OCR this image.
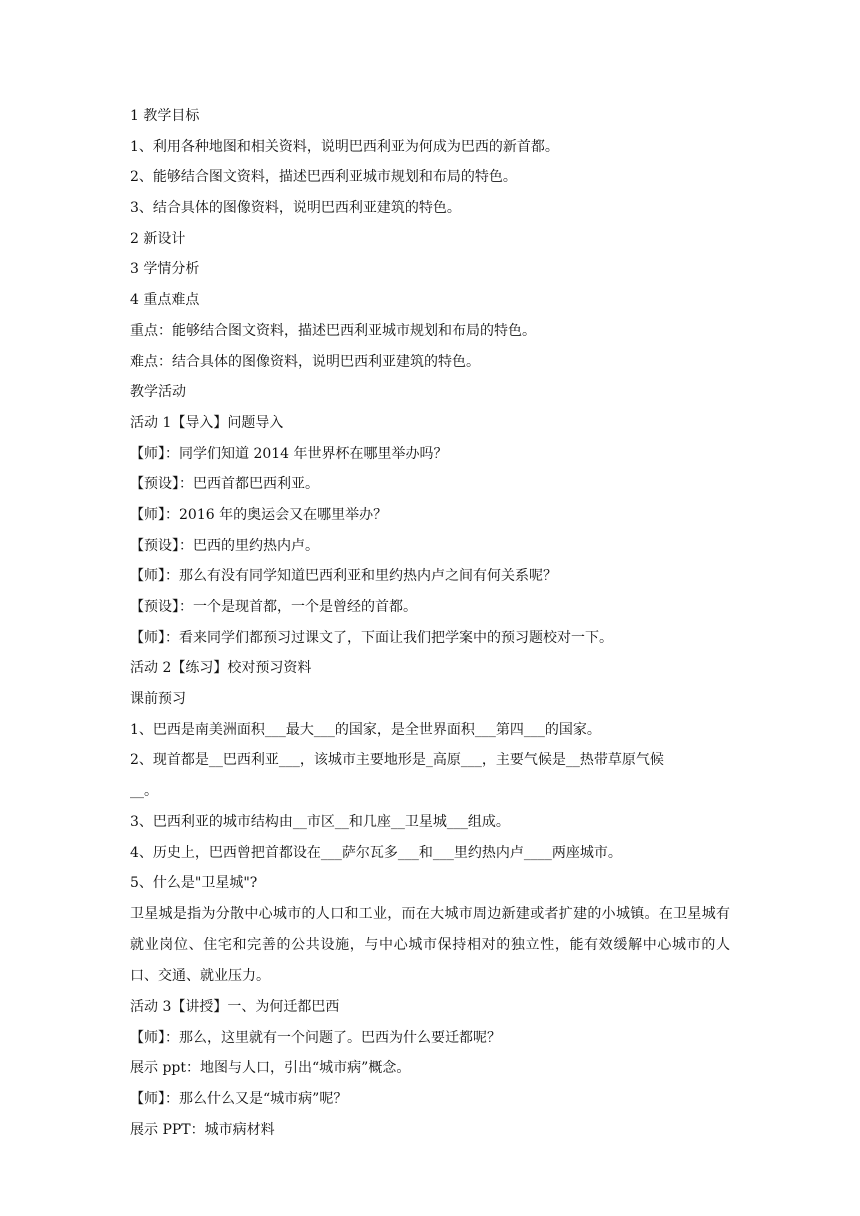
1 教学目标
1、利用各种地图和相关资料，说明巴西利亚为何成为巴西的新首都。
2、能够结合图文资料，描述巴西利亚城市规划和布局的特色。
3、结合具体的图像资料，说明巴西利亚建筑的特色。
2 新设计
3 学情分析
4 重点难点
重点：能够结合图文资料，描述巴西利亚城市规划和布局的特色。
难点：结合具体的图像资料，说明巴西利亚建筑的特色。
教学活动
活动 1【导入】问题导入
【师】：同学们知道 2014 年世界杯在哪里举办吗？
【预设】：巴西首都巴西利亚。
【师】：2016 年的奥运会又在哪里举办？
【预设】：巴西的里约热内卢。
【师】：那么有没有同学知道巴西利亚和里约热内卢之间有何关系呢？
【预设】：一个是现首都，一个是曾经的首都。
【师】：看来同学们都预习过课文了，下面让我们把学案中的预习题校对一下。
活动 2【练习】校对预习资料
课前预习
1、巴西是南美洲面积___最大___的国家，是全世界面积___第四___的国家。
2、现首都是__巴西利亚___，该城市主要地形是_高原___，主要气候是__热带草原气候
__。
3、巴西利亚的城市结构由__市区__和几座__卫星城___组成。
4、历史上，巴西曾把首都设在___萨尔瓦多___和___里约热内卢____两座城市。
5、什么是"卫星城"?
卫星城是指为分散中心城市的人口和工业，而在大城市周边新建或者扩建的小城镇。在卫星城有就业岗位、住宅和完善的公共设施，与中心城市保持相对的独立性，能有效缓解中心城市的人口、交通、就业压力。
活动 3【讲授】一、为何迁都巴西
【师】：那么，这里就有一个问题了。巴西为什么要迁都呢？
展示 ppt：地图与人口，引出“城市病”概念。
【师】：那么什么又是“城市病”呢？
展示 PPT：城市病材料
